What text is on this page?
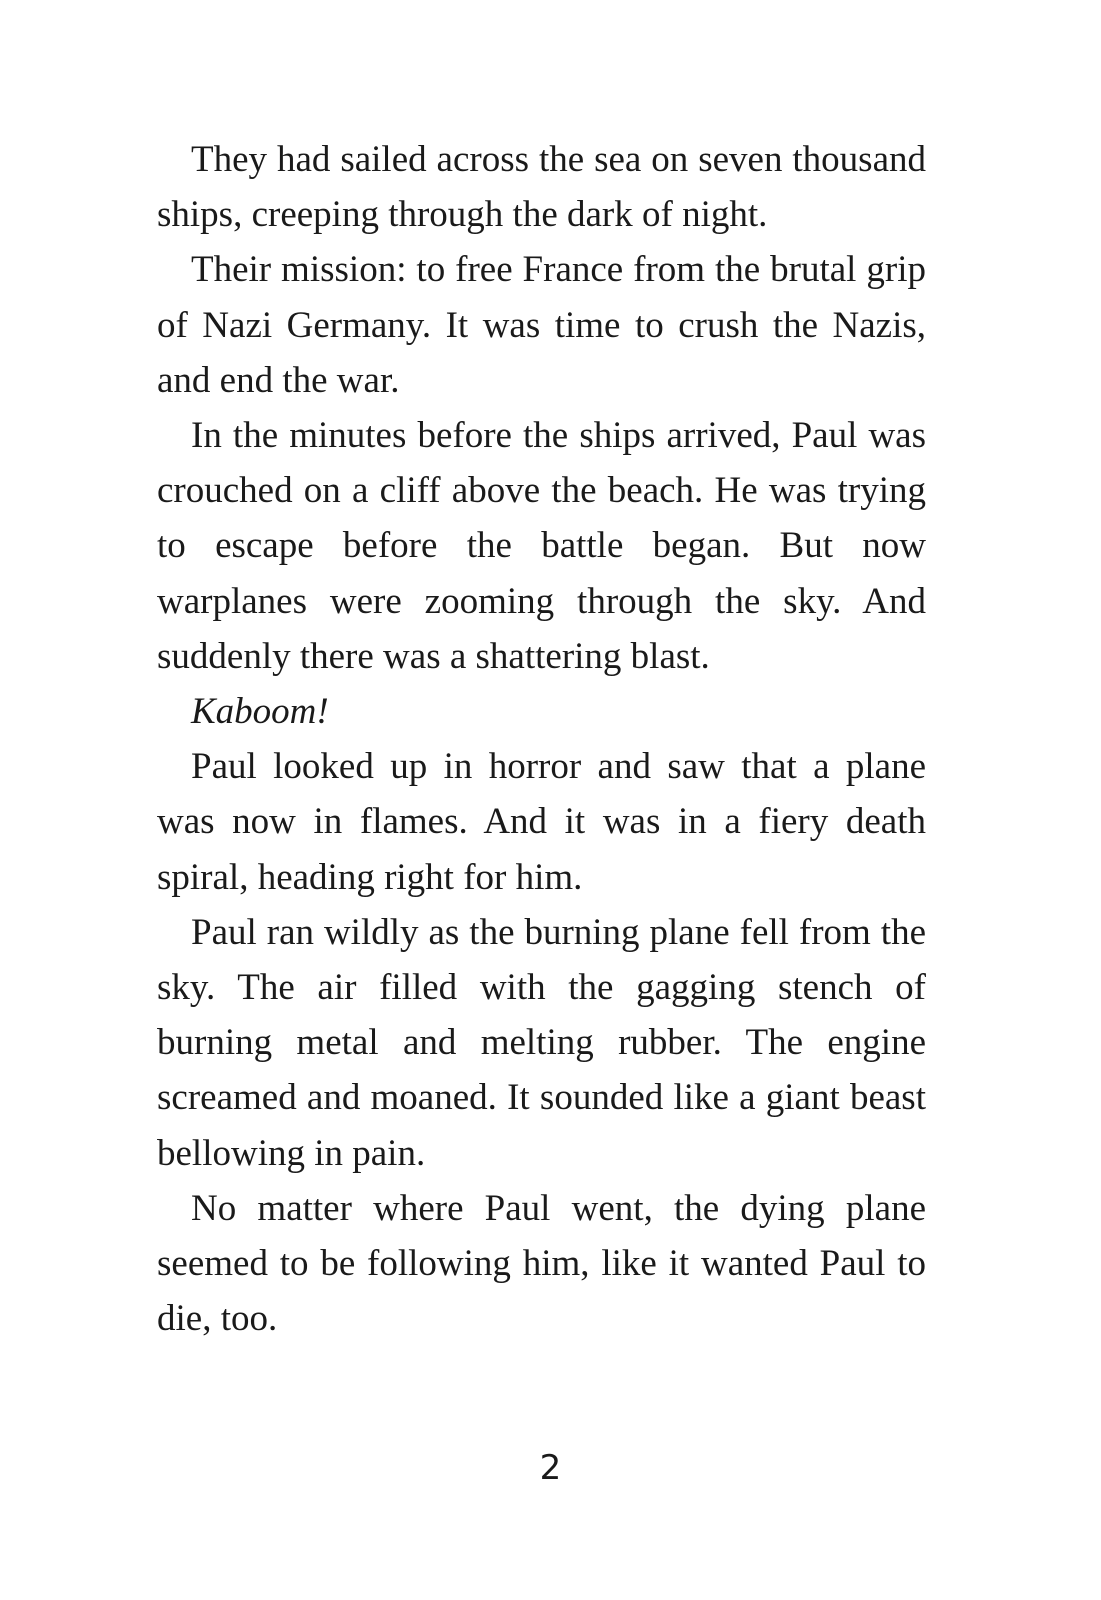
They had sailed across the sea on seven thousand ships, creeping through the dark of night.

Their mission: to free France from the brutal grip of Nazi Germany. It was time to crush the Nazis, and end the war.

In the minutes before the ships arrived, Paul was crouched on a cliff above the beach. He was trying to escape before the battle began. But now warplanes were zooming through the sky. And suddenly there was a shattering blast.

Kaboom!

Paul looked up in horror and saw that a plane was now in flames. And it was in a fiery death spiral, heading right for him.

Paul ran wildly as the burning plane fell from the sky. The air filled with the gagging stench of burning metal and melting rubber. The engine screamed and moaned. It sounded like a giant beast bellowing in pain.

No matter where Paul went, the dying plane seemed to be following him, like it wanted Paul to die, too.

2
